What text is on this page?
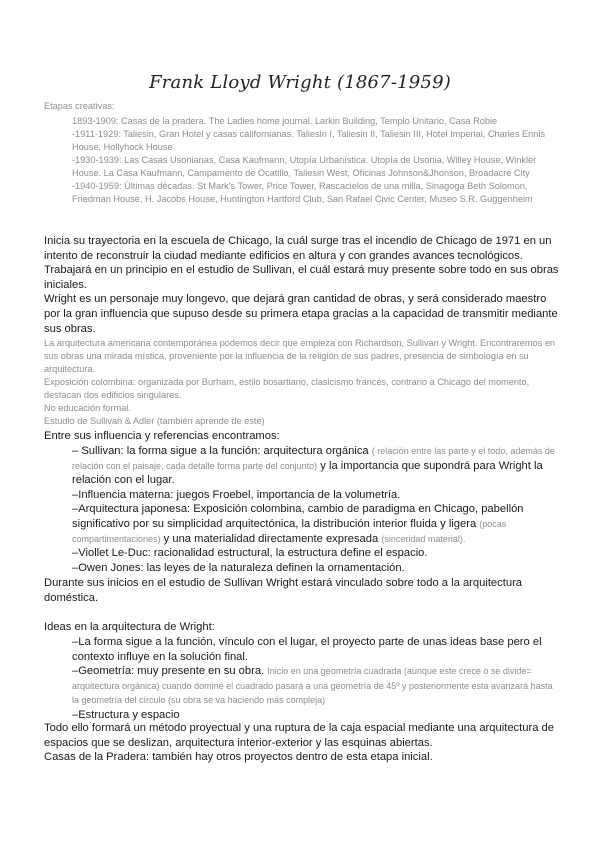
Frank Lloyd Wright (1867-1959)
Etapas creativas:

1893-1909: Casas de la pradera. The Ladies home journal. Larkin Building, Templo Unitario, Casa Robie

-1911-1929: Taliesin, Gran Hotel y casas californianas. Taliesin I, Taliesin II, Taliesin III, Hotel Imperial, Charles Ennis House, Hollyhock House

-1930-1939: Las Casas Usonianas, Casa Kaufmann, Utopía Urbanística. Utopía de Usonia, Willey House, Winkler House. La Casa Kaufmann, Campamento de Ocatillo, Taliesin West, Oficinas Johnson&Jhonson, Broadacre City

-1940-1959: Últimas décadas. St Mark's Tower, Price Tower, Rascacielos de una milla, Sinagoga Beth Solomon, Friedman House, H. Jacobs House, Huntington Hartford Club, San Rafael Civic Center, Museo S.R. Guggenheim

Inicia su trayectoria en la escuela de Chicago, la cuál surge tras el incendio de Chicago de 1971 en un intento de reconstruir la ciudad mediante edificios en altura y con grandes avances tecnológicos.

Trabajará en un principio en el estudio de Sullivan, el cuál estará muy presente sobre todo en sus obras iniciales.

Wright es un personaje muy longevo, que dejará gran cantidad de obras, y será considerado maestro por la gran influencia que supuso desde su primera etapa gracias a la capacidad de transmitir mediante sus obras.

La arquitectura americana contemporánea podemos decir que empieza con Richardson, Sullivan y Wright. Encontraremos en sus obras una mirada mística, proveniente por la influencia de la religión de sus padres, presencia de simbología en su arquitectura.

Exposición colombina: organizada por Burham, estilo bosartiano, clasicismo francés, contrario a Chicago del momento, destacan dos edificios singulares.

No educación formal.

Estudio de Sullivan & Adler (también aprende de este)

Entre sus influencia y referencias encontramos:

– Sullivan: la forma sigue a la función: arquitectura orgánica ( relación entre las parte y el todo, además de relación con el paisaje, cada detalle forma parte del conjunto) y la importancia que supondrá para Wright la relación con el lugar.

–Influencia materna: juegos Froebel, importancia de la volumetría.

–Arquitectura japonesa: Exposición colombina, cambio de paradigma en Chicago, pabellón significativo por su simplicidad arquitectónica, la distribución interior fluida y ligera (pocas compartimentaciones) y una materialidad directamente expresada (sinceridad material).

–Viollet Le-Duc: racionalidad estructural, la estructura define el espacio.

–Owen Jones: las leyes de la naturaleza definen la ornamentación.

Durante sus inicios en el estudio de Sullivan Wright estará vinculado sobre todo a la arquitectura doméstica.
Ideas en la arquitectura de Wright:

–La forma sigue a la función, vínculo con el lugar, el proyecto parte de unas ideas base pero el contexto influye en la solución final.

–Geometría: muy presente en su obra. Inicio en una geometría cuadrada (aunque este crece o se divide= arquitectura orgánica) cuando dominé el cuadrado pasará a una geometría de 45º y posteriormente esta avanzará hasta la geometría del círculo (su obra se va haciendo más compleja)

–Estructura y espacio

Todo ello formará un método proyectual y una ruptura de la caja espacial mediante una arquitectura de espacios que se deslizan, arquitectura interior-exterior y las esquinas abiertas.

Casas de la Pradera: también hay otros proyectos dentro de esta etapa inicial.
